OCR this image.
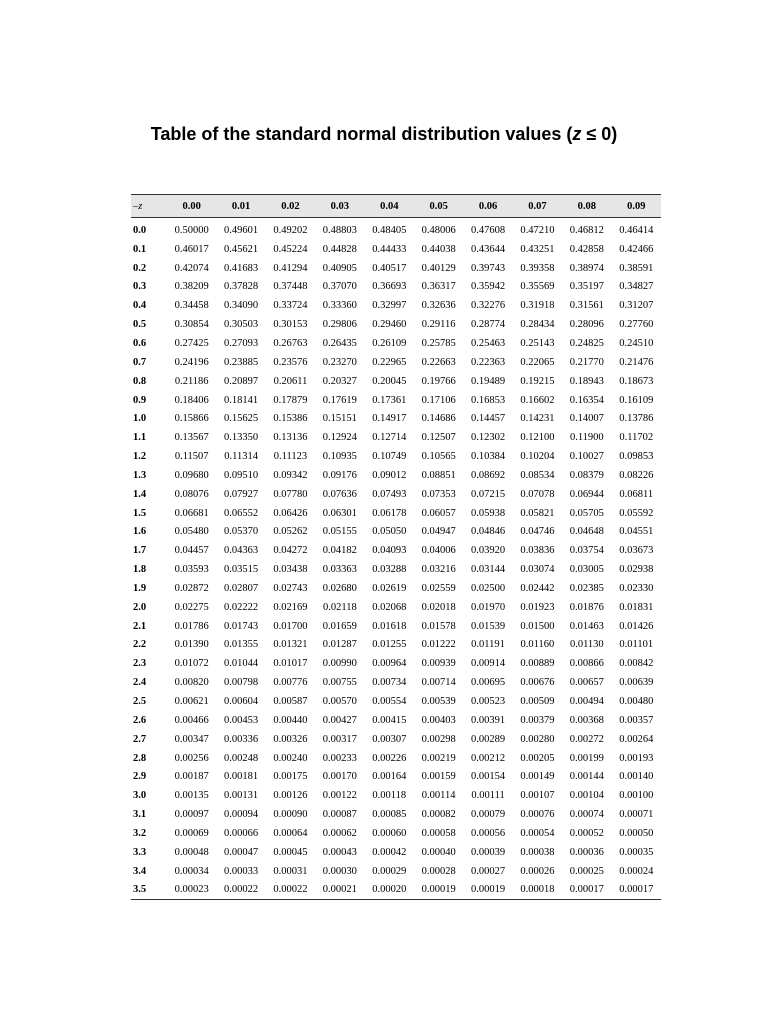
Table of the standard normal distribution values (z ≤ 0)
–z	0.00	0.01	0.02	0.03	0.04	0.05	0.06	0.07	0.08	0.09
0.0	0.50000	0.49601	0.49202	0.48803	0.48405	0.48006	0.47608	0.47210	0.46812	0.46414
0.1	0.46017	0.45621	0.45224	0.44828	0.44433	0.44038	0.43644	0.43251	0.42858	0.42466
0.2	0.42074	0.41683	0.41294	0.40905	0.40517	0.40129	0.39743	0.39358	0.38974	0.38591
0.3	0.38209	0.37828	0.37448	0.37070	0.36693	0.36317	0.35942	0.35569	0.35197	0.34827
0.4	0.34458	0.34090	0.33724	0.33360	0.32997	0.32636	0.32276	0.31918	0.31561	0.31207
0.5	0.30854	0.30503	0.30153	0.29806	0.29460	0.29116	0.28774	0.28434	0.28096	0.27760
0.6	0.27425	0.27093	0.26763	0.26435	0.26109	0.25785	0.25463	0.25143	0.24825	0.24510
0.7	0.24196	0.23885	0.23576	0.23270	0.22965	0.22663	0.22363	0.22065	0.21770	0.21476
0.8	0.21186	0.20897	0.20611	0.20327	0.20045	0.19766	0.19489	0.19215	0.18943	0.18673
0.9	0.18406	0.18141	0.17879	0.17619	0.17361	0.17106	0.16853	0.16602	0.16354	0.16109
1.0	0.15866	0.15625	0.15386	0.15151	0.14917	0.14686	0.14457	0.14231	0.14007	0.13786
1.1	0.13567	0.13350	0.13136	0.12924	0.12714	0.12507	0.12302	0.12100	0.11900	0.11702
1.2	0.11507	0.11314	0.11123	0.10935	0.10749	0.10565	0.10384	0.10204	0.10027	0.09853
1.3	0.09680	0.09510	0.09342	0.09176	0.09012	0.08851	0.08692	0.08534	0.08379	0.08226
1.4	0.08076	0.07927	0.07780	0.07636	0.07493	0.07353	0.07215	0.07078	0.06944	0.06811
1.5	0.06681	0.06552	0.06426	0.06301	0.06178	0.06057	0.05938	0.05821	0.05705	0.05592
1.6	0.05480	0.05370	0.05262	0.05155	0.05050	0.04947	0.04846	0.04746	0.04648	0.04551
1.7	0.04457	0.04363	0.04272	0.04182	0.04093	0.04006	0.03920	0.03836	0.03754	0.03673
1.8	0.03593	0.03515	0.03438	0.03363	0.03288	0.03216	0.03144	0.03074	0.03005	0.02938
1.9	0.02872	0.02807	0.02743	0.02680	0.02619	0.02559	0.02500	0.02442	0.02385	0.02330
2.0	0.02275	0.02222	0.02169	0.02118	0.02068	0.02018	0.01970	0.01923	0.01876	0.01831
2.1	0.01786	0.01743	0.01700	0.01659	0.01618	0.01578	0.01539	0.01500	0.01463	0.01426
2.2	0.01390	0.01355	0.01321	0.01287	0.01255	0.01222	0.01191	0.01160	0.01130	0.01101
2.3	0.01072	0.01044	0.01017	0.00990	0.00964	0.00939	0.00914	0.00889	0.00866	0.00842
2.4	0.00820	0.00798	0.00776	0.00755	0.00734	0.00714	0.00695	0.00676	0.00657	0.00639
2.5	0.00621	0.00604	0.00587	0.00570	0.00554	0.00539	0.00523	0.00509	0.00494	0.00480
2.6	0.00466	0.00453	0.00440	0.00427	0.00415	0.00403	0.00391	0.00379	0.00368	0.00357
2.7	0.00347	0.00336	0.00326	0.00317	0.00307	0.00298	0.00289	0.00280	0.00272	0.00264
2.8	0.00256	0.00248	0.00240	0.00233	0.00226	0.00219	0.00212	0.00205	0.00199	0.00193
2.9	0.00187	0.00181	0.00175	0.00170	0.00164	0.00159	0.00154	0.00149	0.00144	0.00140
3.0	0.00135	0.00131	0.00126	0.00122	0.00118	0.00114	0.00111	0.00107	0.00104	0.00100
3.1	0.00097	0.00094	0.00090	0.00087	0.00085	0.00082	0.00079	0.00076	0.00074	0.00071
3.2	0.00069	0.00066	0.00064	0.00062	0.00060	0.00058	0.00056	0.00054	0.00052	0.00050
3.3	0.00048	0.00047	0.00045	0.00043	0.00042	0.00040	0.00039	0.00038	0.00036	0.00035
3.4	0.00034	0.00033	0.00031	0.00030	0.00029	0.00028	0.00027	0.00026	0.00025	0.00024
3.5	0.00023	0.00022	0.00022	0.00021	0.00020	0.00019	0.00019	0.00018	0.00017	0.00017
